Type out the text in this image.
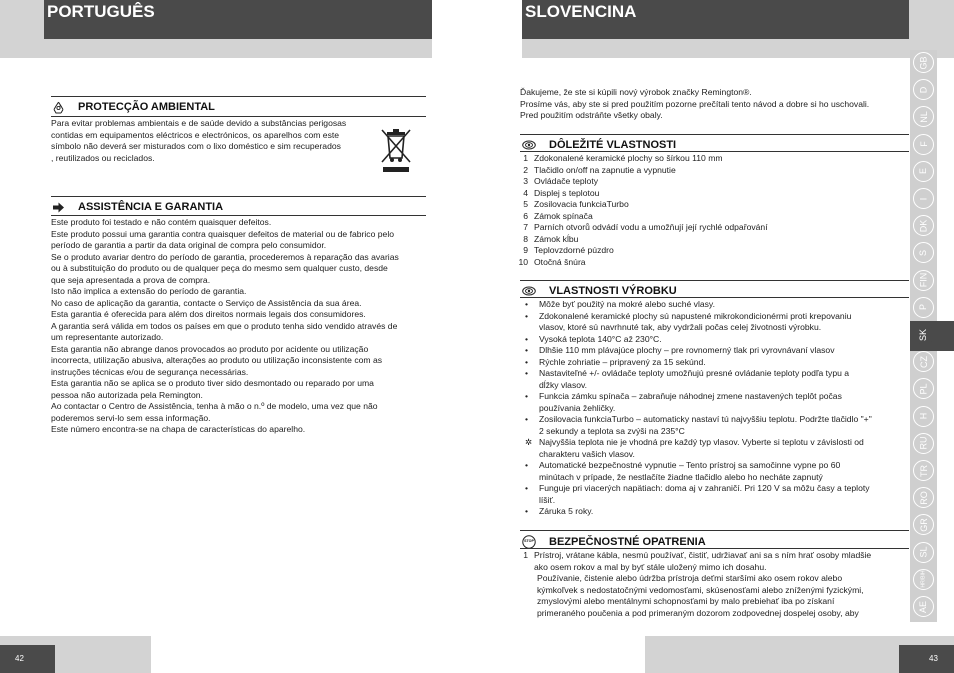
PORTUGUÊS	SLOVENCINA
PROTECÇÃO AMBIENTAL

Para evitar problemas ambientais e de saúde devido a substâncias perigosas

contidas em equipamentos eléctricos e electrónicos, os aparelhos com este

símbolo não deverá ser misturados com o lixo doméstico e sim recuperados

, reutilizados ou reciclados.

ASSISTÊNCIA E GARANTIA

Este produto foi testado e não contém quaisquer defeitos.

Este produto possui uma garantia contra quaisquer defeitos de material ou de fabrico pelo

período de garantia a partir da data original de compra pelo consumidor.

Se o produto avariar dentro do período de garantia, procederemos à reparação das avarias

ou à substituição do produto ou de qualquer peça do mesmo sem qualquer custo, desde

que seja apresentada a prova de compra.

Isto não implica a extensão do período de garantia.

No caso de aplicação da garantia, contacte o Serviço de Assistência da sua área.

Esta garantia é oferecida para além dos direitos normais legais dos consumidores.

A garantia será válida em todos os países em que o produto tenha sido vendido através de

um representante autorizado.

Esta garantia não abrange danos provocados ao produto por acidente ou utilização

incorrecta, utilização abusiva, alterações ao produto ou utilização inconsistente com as

instruções técnicas e/ou de segurança necessárias.

Esta garantia não se aplica se o produto tiver sido desmontado ou reparado por uma

pessoa não autorizada pela Remington.

Ao contactar o Centro de Assistência, tenha à mão o n.º de modelo, uma vez que não

poderemos servi-lo sem essa informação.

Este número encontra-se na chapa de características do aparelho.

Ďakujeme, že ste si kúpili nový výrobok značky Remington®.

Prosíme vás, aby ste si pred použitím pozorne prečítali tento návod a dobre si ho uschovali.

Pred použitím odstráňte všetky obaly.

DÔLEŽITÉ VLASTNOSTI
1 Zdokonalené keramické plochy so šírkou 110 mm
2 Tlačidlo on/off na zapnutie a vypnutie
3 Ovládače teploty
4 Displej s teplotou
5 Zosilovacia funkciaTurbo
6 Zámok spínača
7 Parních otvorů odvádí vodu a umožňují její rychlé odpařování
8 Zámok kĺbu
9 Teplovzdorné púzdro
10 Otočná šnúra
VLASTNOSTI VÝROBKU
• Môže byť použitý na mokré alebo suché vlasy.

• Zdokonalené keramické plochy sú napustené mikrokondicionérmi proti krepovaniu

vlasov, ktoré sú navrhnuté tak, aby vydržali počas celej životnosti výrobku.

• Vysoká teplota 140°C až 230°C.

• Dlhšie 110 mm plávajúce plochy – pre rovnomerný tlak pri vyrovnávaní vlasov

• Rýchle zohriatie – pripravený za 15 sekúnd.

• Nastaviteľné +/- ovládače teploty umožňujú presné ovládanie teploty podľa typu a

dĺžky vlasov.

• Funkcia zámku spínača – zabraňuje náhodnej zmene nastavených teplôt počas

používania žehličky.

• Zosilovacia funkciaTurbo – automaticky nastaví tú najvyššiu teplotu. Podržte tlačidlo "+"

2 sekundy a teplota sa zvýši na 235°C

✲ Najvyššia teplota nie je vhodná pre každý typ vlasov. Vyberte si teplotu v závislosti od

charakteru vašich vlasov.

• Automatické bezpečnostné vypnutie – Tento prístroj sa samočinne vypne po 60

minútach v prípade, že nestlačíte žiadne tlačidlo alebo ho necháte zapnutý

• Funguje pri viacerých napätiach: doma aj v zahraničí. Pri 120 V sa môžu časy a teploty

líšiť.

• Záruka 5 roky.

STOP BEZPEČNOSTNÉ OPATRENIA
1 Prístroj, vrátane kábla, nesmú používať, čistiť, udržiavať ani sa s ním hrať osoby mladšie
ako osem rokov a mal by byť stále uložený mimo ich dosahu.

Používanie, čistenie alebo údržba prístroja deťmi staršími ako osem rokov alebo

kýmkoľvek s nedostatočnými vedomosťami, skúsenosťami alebo zníženými fyzickými,

zmyslovými alebo mentálnymi schopnosťami by malo prebiehať iba po získaní

primeraného poučenia a pod primeraným dozorom zodpovednej dospelej osoby, aby

GB
D
NL
F
E
I
DK
S
FIN
P
SK
CZ
PL
H
RU
TR
RO
GR
SL
HR/BIH
AE
42	43
